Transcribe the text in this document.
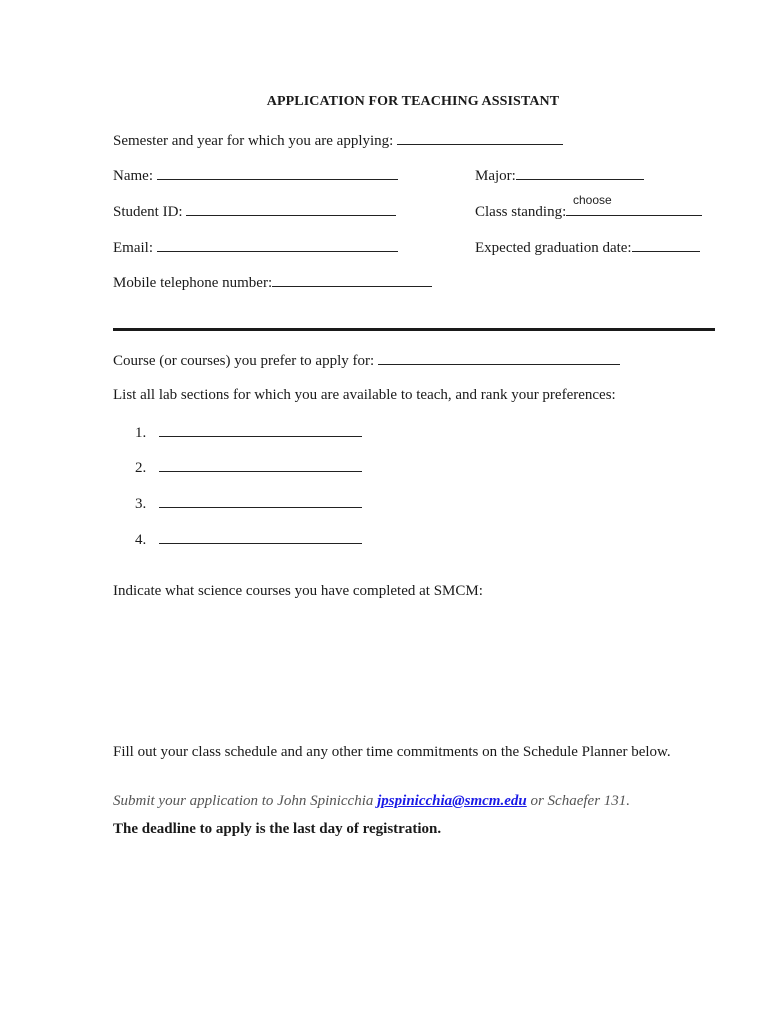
APPLICATION FOR TEACHING ASSISTANT
Semester and year for which you are applying:
Name:	Major:
Student ID:	Class standing:
choose
Email:	Expected graduation date:
Mobile telephone number:
Course (or courses) you prefer to apply for:
List all lab sections for which you are available to teach, and rank your preferences:
1.
2.
3.
4.
Indicate what science courses you have completed at SMCM:
Fill out your class schedule and any other time commitments on the Schedule Planner below.
Submit your application to John Spinicchia jpspinicchia@smcm.edu or Schaefer 131.
The deadline to apply is the last day of registration.
